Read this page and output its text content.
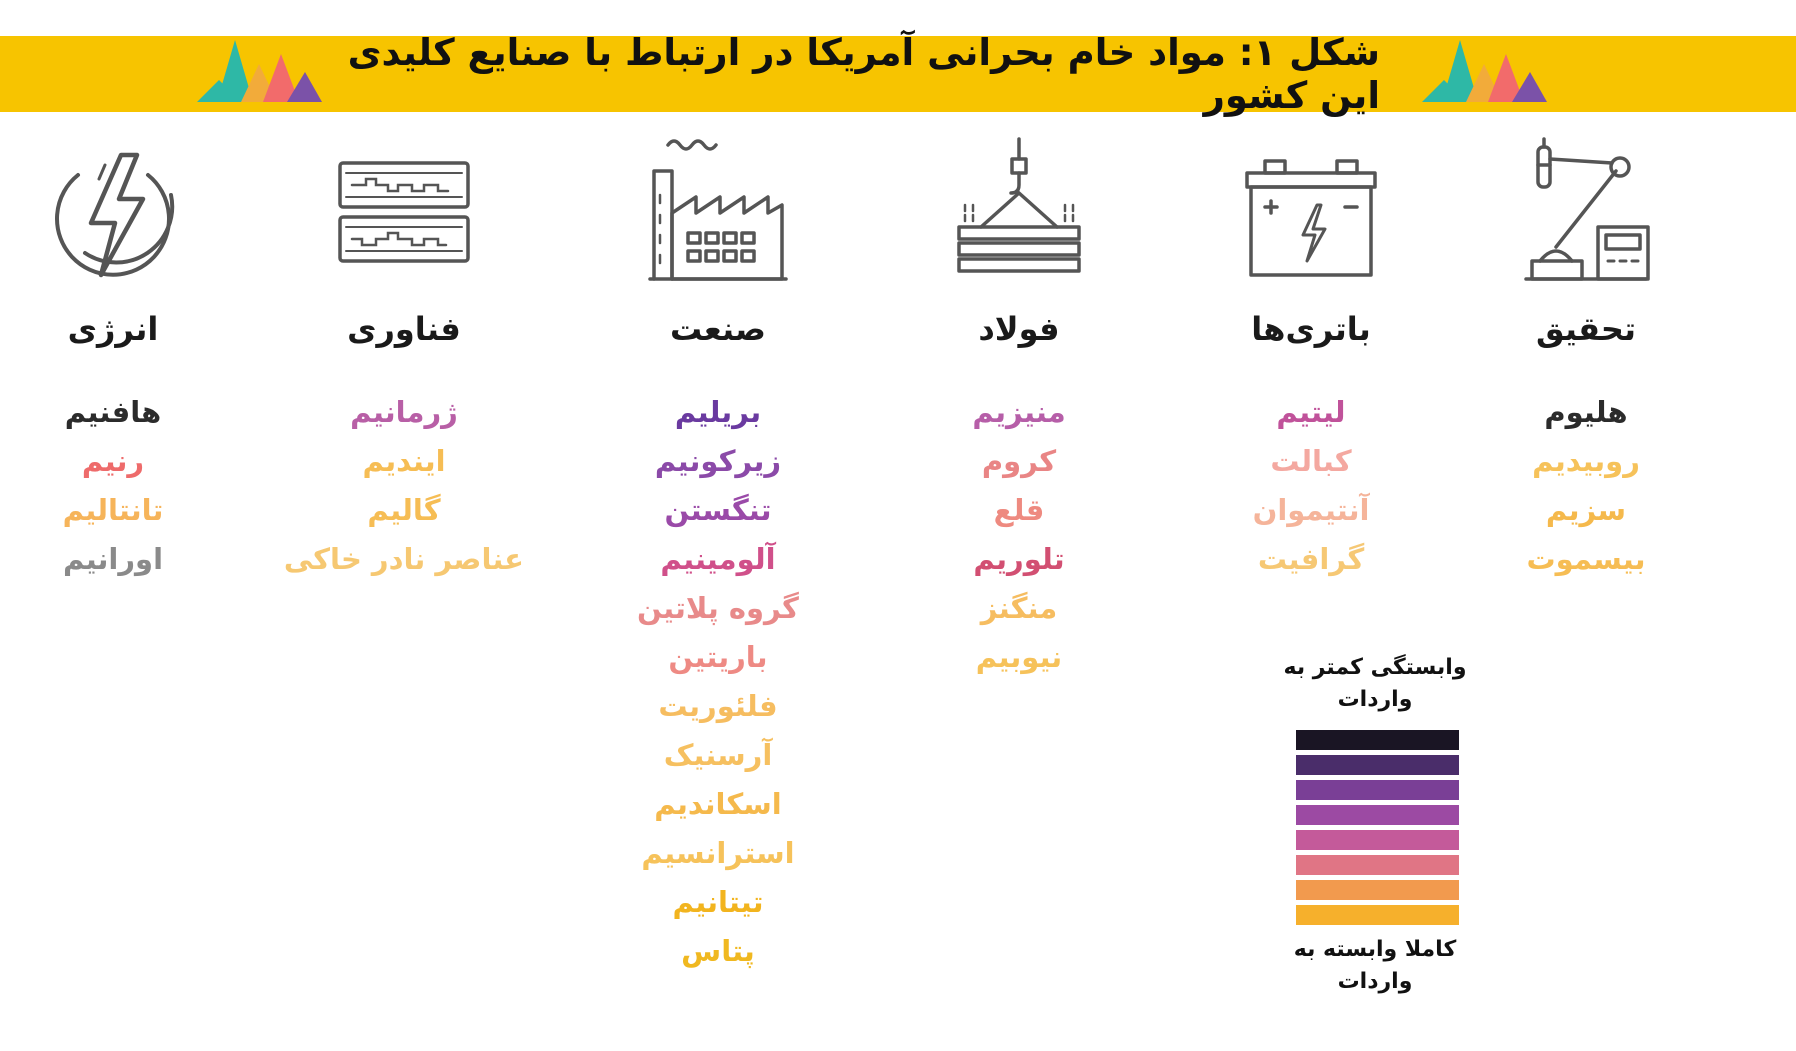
شکل ۱: مواد خام بحرانی آمریکا در ارتباط با صنایع کلیدی این کشور
انرژی
هافنیم
رنیم
تانتالیم
اورانیم
فناوری
ژرمانیم
ایندیم
گالیم
عناصر نادر خاکی
صنعت
بریلیم
زیرکونیم
تنگستن
آلومینیم
گروه پلاتین
باریتین
فلئوریت
آرسنیک
اسکاندیم
استرانسیم
تیتانیم
پتاس
فولاد
منیزیم
کروم
قلع
تلوریم
منگنز
نیوبیم
باتری‌ها
لیتیم
کبالت
آنتیموان
گرافیت
تحقیق
هلیوم
روبیدیم
سزیم
بیسموت
وابستگی کمتر به واردات
کاملا وابسته به واردات
